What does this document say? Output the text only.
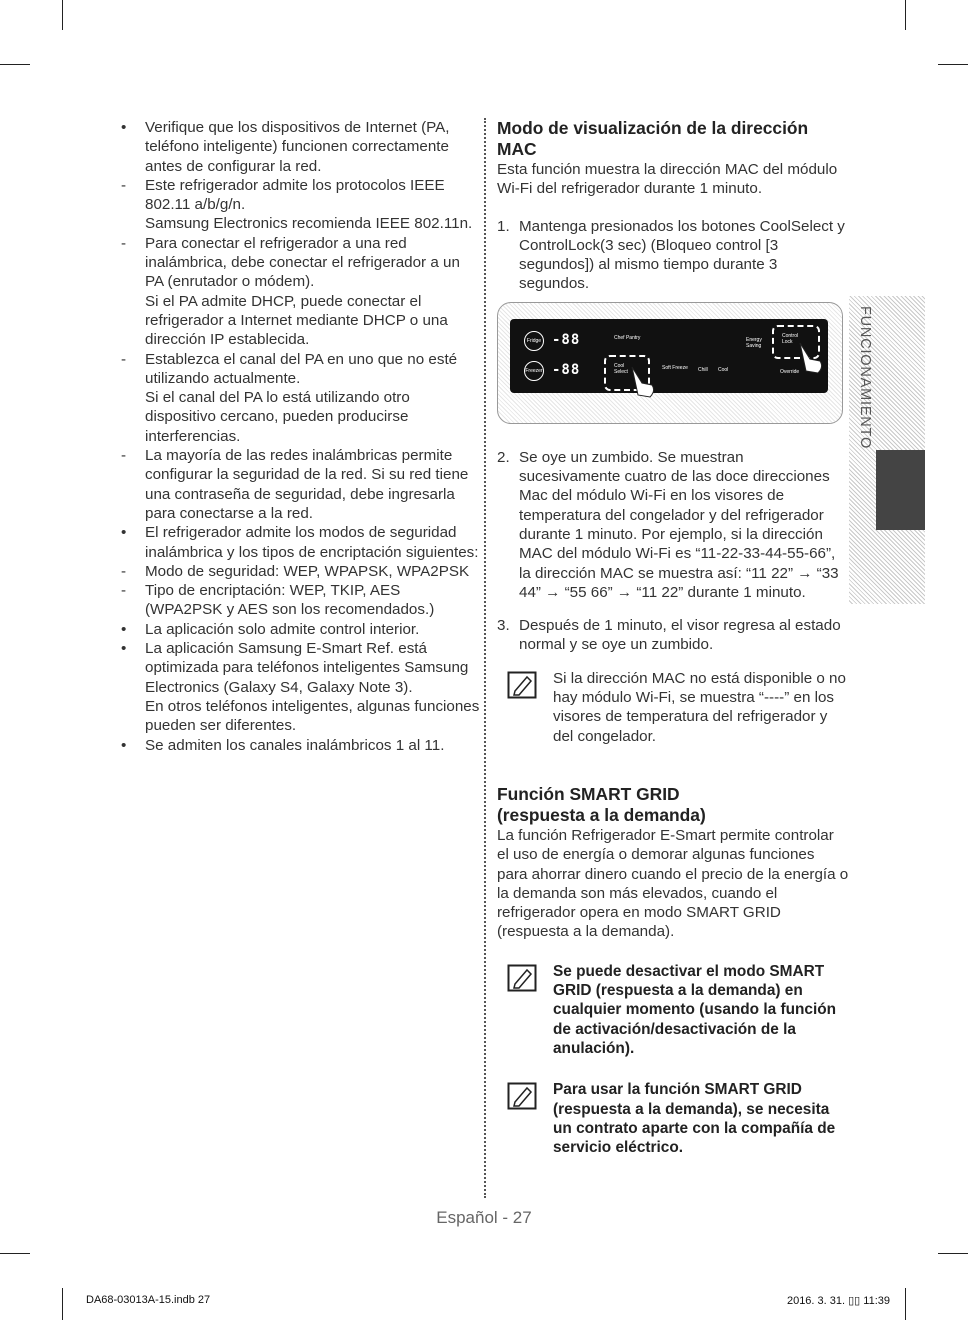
• Verifique que los dispositivos de Internet (PA, teléfono inteligente) funcionen correctamente antes de configurar la red.

- Este refrigerador admite los protocolos IEEE 802.11 a/b/g/n.

Samsung Electronics recomienda IEEE 802.11n.

- Para conectar el refrigerador a una red inalámbrica, debe conectar el refrigerador a un PA (enrutador o módem).

Si el PA admite DHCP, puede conectar el refrigerador a Internet mediante DHCP o una dirección IP establecida.

- Establezca el canal del PA en uno que no esté utilizando actualmente.

Si el canal del PA lo está utilizando otro dispositivo cercano, pueden producirse interferencias.

- La mayoría de las redes inalámbricas permite configurar la seguridad de la red. Si su red tiene una contraseña de seguridad, debe ingresarla para conectarse a la red.

• El refrigerador admite los modos de seguridad inalámbrica y los tipos de encriptación siguientes:

- Modo de seguridad: WEP, WPAPSK, WPA2PSK

- Tipo de encriptación: WEP, TKIP, AES (WPA2PSK y AES son los recomendados.)

• La aplicación solo admite control interior.

• La aplicación Samsung E-Smart Ref. está optimizada para teléfonos inteligentes Samsung Electronics (Galaxy S4, Galaxy Note 3).

En otros teléfonos inteligentes, algunas funciones pueden ser diferentes.

• Se admiten los canales inalámbricos 1 al 11.

Modo de visualización de la dirección MAC

Esta función muestra la dirección MAC del módulo Wi-Fi del refrigerador durante 1 minuto.

1. Mantenga presionados los botones CoolSelect y ControlLock(3 sec) (Bloqueo control [3 segundos]) al mismo tiempo durante 3 segundos.

Fridge -88
Freezer -88
Chef Pantry
Cool Select
Soft Freeze Chill Cool
Energy Saving
Control Lock
Override
2. Se oye un zumbido. Se muestran sucesivamente cuatro de las doce direcciones Mac del módulo Wi-Fi en los visores de temperatura del congelador y del refrigerador durante 1 minuto. Por ejemplo, si la dirección MAC del módulo Wi-Fi es “11-22-33-44-55-66”, la dirección MAC se muestra así: “11 22” → “33 44” → “55 66” → “11 22” durante 1 minuto.

3. Después de 1 minuto, el visor regresa al estado normal y se oye un zumbido.

Si la dirección MAC no está disponible o no hay módulo Wi-Fi, se muestra “----” en los visores de temperatura del refrigerador y del congelador.

Función SMART GRID
(respuesta a la demanda)

La función Refrigerador E-Smart permite controlar el uso de energía o demorar algunas funciones para ahorrar dinero cuando el precio de la energía o la demanda son más elevados, cuando el refrigerador opera en modo SMART GRID (respuesta a la demanda).

Se puede desactivar el modo SMART GRID (respuesta a la demanda) en cualquier momento (usando la función de activación/desactivación de la anulación).

Para usar la función SMART GRID (respuesta a la demanda), se necesita un contrato aparte con la compañía de servicio eléctrico.

FUNCIONAMIENTO
Español - 27
DA68-03013A-15.indb 27	2016. 3. 31. ▯▯ 11:39
